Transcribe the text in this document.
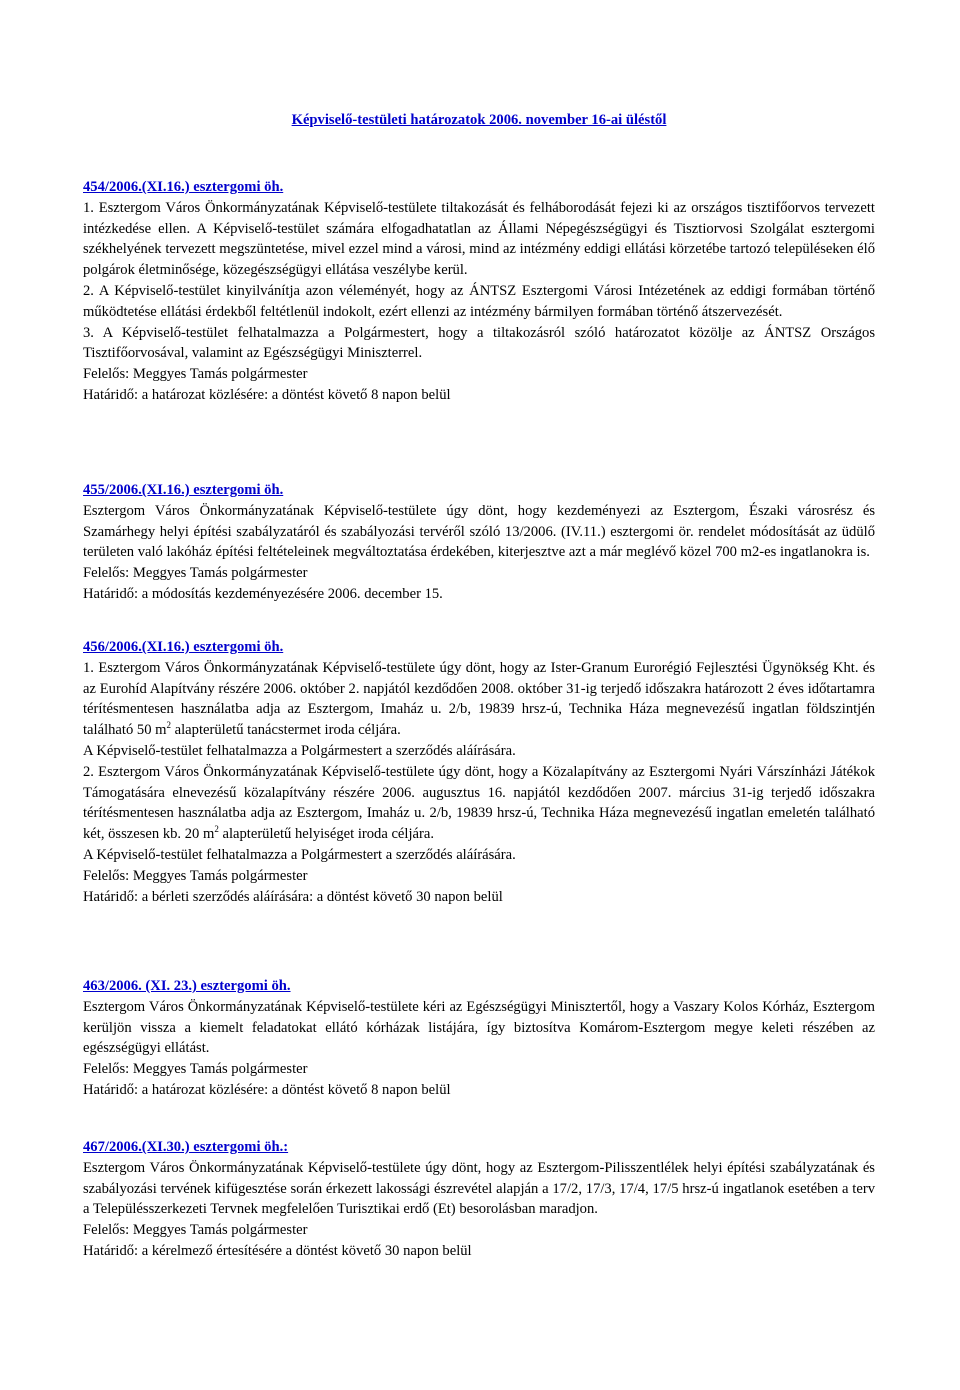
Képviselő-testületi határozatok 2006. november 16-ai üléstől

454/2006.(XI.16.) esztergomi öh.

1. Esztergom Város Önkormányzatának Képviselő-testülete tiltakozását és felháborodását fejezi ki az országos tisztifőorvos tervezett intézkedése ellen. A Képviselő-testület számára elfogadhatatlan az Állami Népegészségügyi és Tisztiorvosi Szolgálat esztergomi székhelyének tervezett megszüntetése, mivel ezzel mind a városi, mind az intézmény eddigi ellátási körzetébe tartozó településeken élő polgárok életminősége, közegészségügyi ellátása veszélybe kerül.

2. A Képviselő-testület kinyilvánítja azon véleményét, hogy az ÁNTSZ Esztergomi Városi Intézetének az eddigi formában történő működtetése ellátási érdekből feltétlenül indokolt, ezért ellenzi az intézmény bármilyen formában történő átszervezését.

3. A Képviselő-testület felhatalmazza a Polgármestert, hogy a tiltakozásról szóló határozatot közölje az ÁNTSZ Országos Tisztifőorvosával, valamint az Egészségügyi Miniszterrel.

Felelős: Meggyes Tamás polgármester

Határidő: a határozat közlésére: a döntést követő 8 napon belül

455/2006.(XI.16.) esztergomi öh.

Esztergom Város Önkormányzatának Képviselő-testülete úgy dönt, hogy kezdeményezi az Esztergom, Északi városrész és Szamárhegy helyi építési szabályzatáról és szabályozási tervéről szóló 13/2006. (IV.11.) esztergomi ör. rendelet módosítását az üdülő területen való lakóház építési feltételeinek megváltoztatása érdekében, kiterjesztve azt a már meglévő közel 700 m2-es ingatlanokra is.

Felelős: Meggyes Tamás polgármester

Határidő: a módosítás kezdeményezésére 2006. december 15.

456/2006.(XI.16.) esztergomi öh.

1. Esztergom Város Önkormányzatának Képviselő-testülete úgy dönt, hogy az Ister-Granum Eurorégió Fejlesztési Ügynökség Kht. és az Eurohíd Alapítvány részére 2006. október 2. napjától kezdődően 2008. október 31-ig terjedő időszakra határozott 2 éves időtartamra térítésmentesen használatba adja az Esztergom, Imaház u. 2/b, 19839 hrsz-ú, Technika Háza megnevezésű ingatlan földszintjén található 50 $m^2$ alapterületű tanácstermet iroda céljára.

A Képviselő-testület felhatalmazza a Polgármestert a szerződés aláírására.

2. Esztergom Város Önkormányzatának Képviselő-testülete úgy dönt, hogy a Közalapítvány az Esztergomi Nyári Várszínházi Játékok Támogatására elnevezésű közalapítvány részére 2006. augusztus 16. napjától kezdődően 2007. március 31-ig terjedő időszakra térítésmentesen használatba adja az Esztergom, Imaház u. 2/b, 19839 hrsz-ú, Technika Háza megnevezésű ingatlan emeletén található két, összesen kb. 20 $m^2$ alapterületű helyiséget iroda céljára.

A Képviselő-testület felhatalmazza a Polgármestert a szerződés aláírására.

Felelős: Meggyes Tamás polgármester

Határidő: a bérleti szerződés aláírására: a döntést követő 30 napon belül

463/2006. (XI. 23.) esztergomi öh.

Esztergom Város Önkormányzatának Képviselő-testülete kéri az Egészségügyi Minisztertől, hogy a Vaszary Kolos Kórház, Esztergom kerüljön vissza a kiemelt feladatokat ellátó kórházak listájára, így biztosítva Komárom-Esztergom megye keleti részében az egészségügyi ellátást.

Felelős: Meggyes Tamás polgármester

Határidő: a határozat közlésére: a döntést követő 8 napon belül

467/2006.(XI.30.) esztergomi öh.:

Esztergom Város Önkormányzatának Képviselő-testülete úgy dönt, hogy az Esztergom-Pilisszentlélek helyi építési szabályzatának és szabályozási tervének kifügesztése során érkezett lakossági észrevétel alapján a 17/2, 17/3, 17/4, 17/5 hrsz-ú ingatlanok esetében a terv a Településszerkezeti Tervnek megfelelően Turisztikai erdő (Et) besorolásban maradjon.

Felelős: Meggyes Tamás polgármester

Határidő: a kérelmező értesítésére a döntést követő 30 napon belül
